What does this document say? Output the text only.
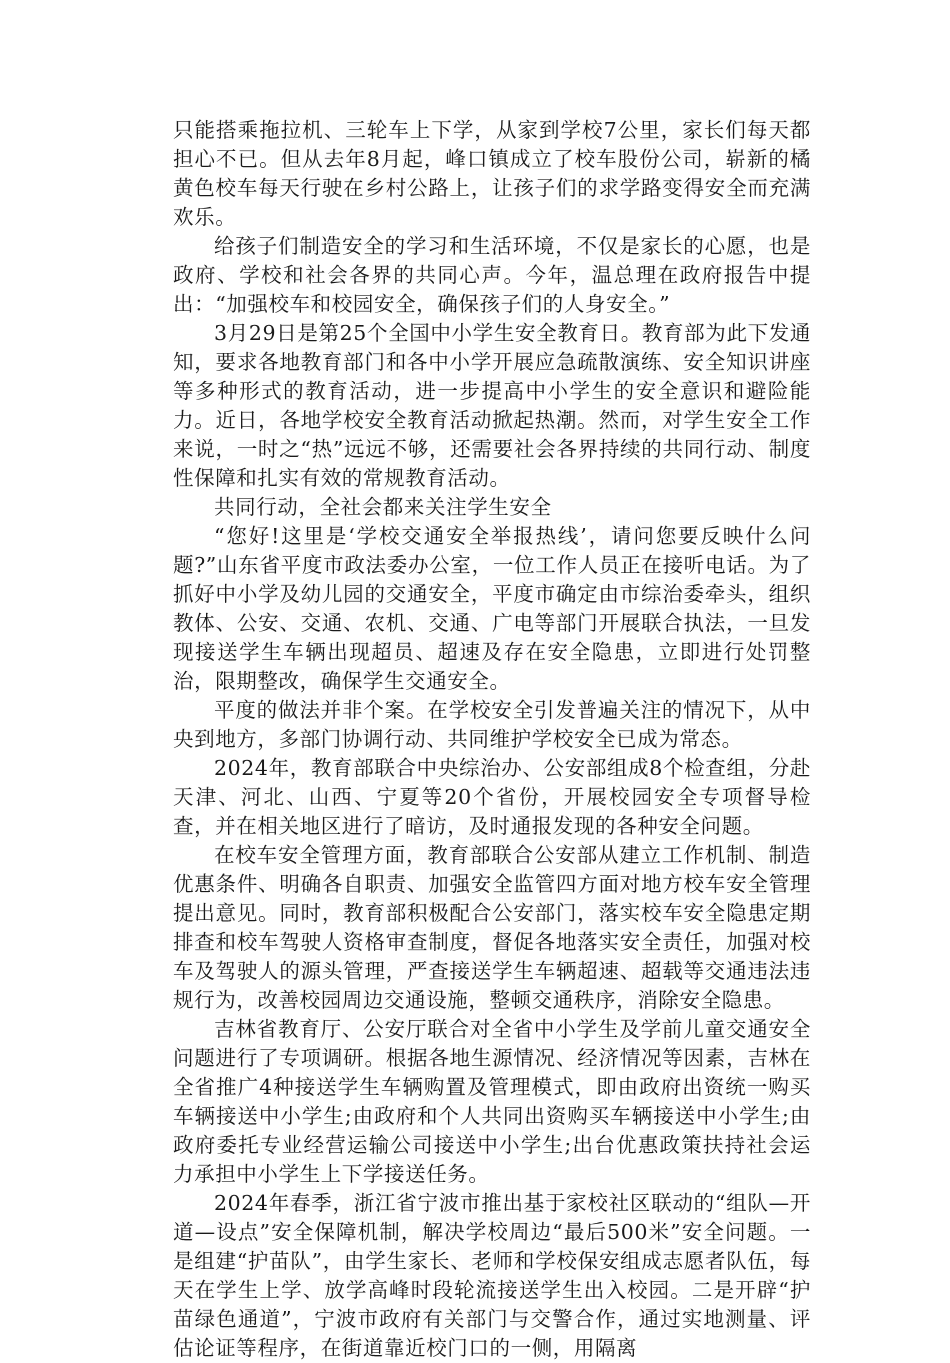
只能搭乘拖拉机、三轮车上下学，从家到学校7公里，家长们每天都担心不已。但从去年8月起，峰口镇成立了校车股份公司，崭新的橘黄色校车每天行驶在乡村公路上，让孩子们的求学路变得安全而充满欢乐。

给孩子们制造安全的学习和生活环境，不仅是家长的心愿，也是政府、学校和社会各界的共同心声。今年，温总理在政府报告中提出：“加强校车和校园安全，确保孩子们的人身安全。”

3月29日是第25个全国中小学生安全教育日。教育部为此下发通知，要求各地教育部门和各中小学开展应急疏散演练、安全知识讲座等多种形式的教育活动，进一步提高中小学生的安全意识和避险能力。近日，各地学校安全教育活动掀起热潮。然而，对学生安全工作来说，一时之“热”远远不够，还需要社会各界持续的共同行动、制度性保障和扎实有效的常规教育活动。

共同行动，全社会都来关注学生安全

“您好!这里是‘学校交通安全举报热线’，请问您要反映什么问题?”山东省平度市政法委办公室，一位工作人员正在接听电话。为了抓好中小学及幼儿园的交通安全，平度市确定由市综治委牵头，组织教体、公安、交通、农机、交通、广电等部门开展联合执法，一旦发现接送学生车辆出现超员、超速及存在安全隐患，立即进行处罚整治，限期整改，确保学生交通安全。

平度的做法并非个案。在学校安全引发普遍关注的情况下，从中央到地方，多部门协调行动、共同维护学校安全已成为常态。

2024年，教育部联合中央综治办、公安部组成8个检查组，分赴天津、河北、山西、宁夏等20个省份，开展校园安全专项督导检查，并在相关地区进行了暗访，及时通报发现的各种安全问题。

在校车安全管理方面，教育部联合公安部从建立工作机制、制造优惠条件、明确各自职责、加强安全监管四方面对地方校车安全管理提出意见。同时，教育部积极配合公安部门，落实校车安全隐患定期排查和校车驾驶人资格审查制度，督促各地落实安全责任，加强对校车及驾驶人的源头管理，严查接送学生车辆超速、超载等交通违法违规行为，改善校园周边交通设施，整顿交通秩序，消除安全隐患。

吉林省教育厅、公安厅联合对全省中小学生及学前儿童交通安全问题进行了专项调研。根据各地生源情况、经济情况等因素，吉林在全省推广4种接送学生车辆购置及管理模式，即由政府出资统一购买车辆接送中小学生;由政府和个人共同出资购买车辆接送中小学生;由政府委托专业经营运输公司接送中小学生;出台优惠政策扶持社会运力承担中小学生上下学接送任务。

2024年春季，浙江省宁波市推出基于家校社区联动的“组队—开道—设点”安全保障机制，解决学校周边“最后500米”安全问题。一是组建“护苗队”，由学生家长、老师和学校保安组成志愿者队伍，每天在学生上学、放学高峰时段轮流接送学生出入校园。二是开辟“护苗绿色通道”，宁波市政府有关部门与交警合作，通过实地测量、评估论证等程序，在街道靠近校门口的一侧，用隔离
